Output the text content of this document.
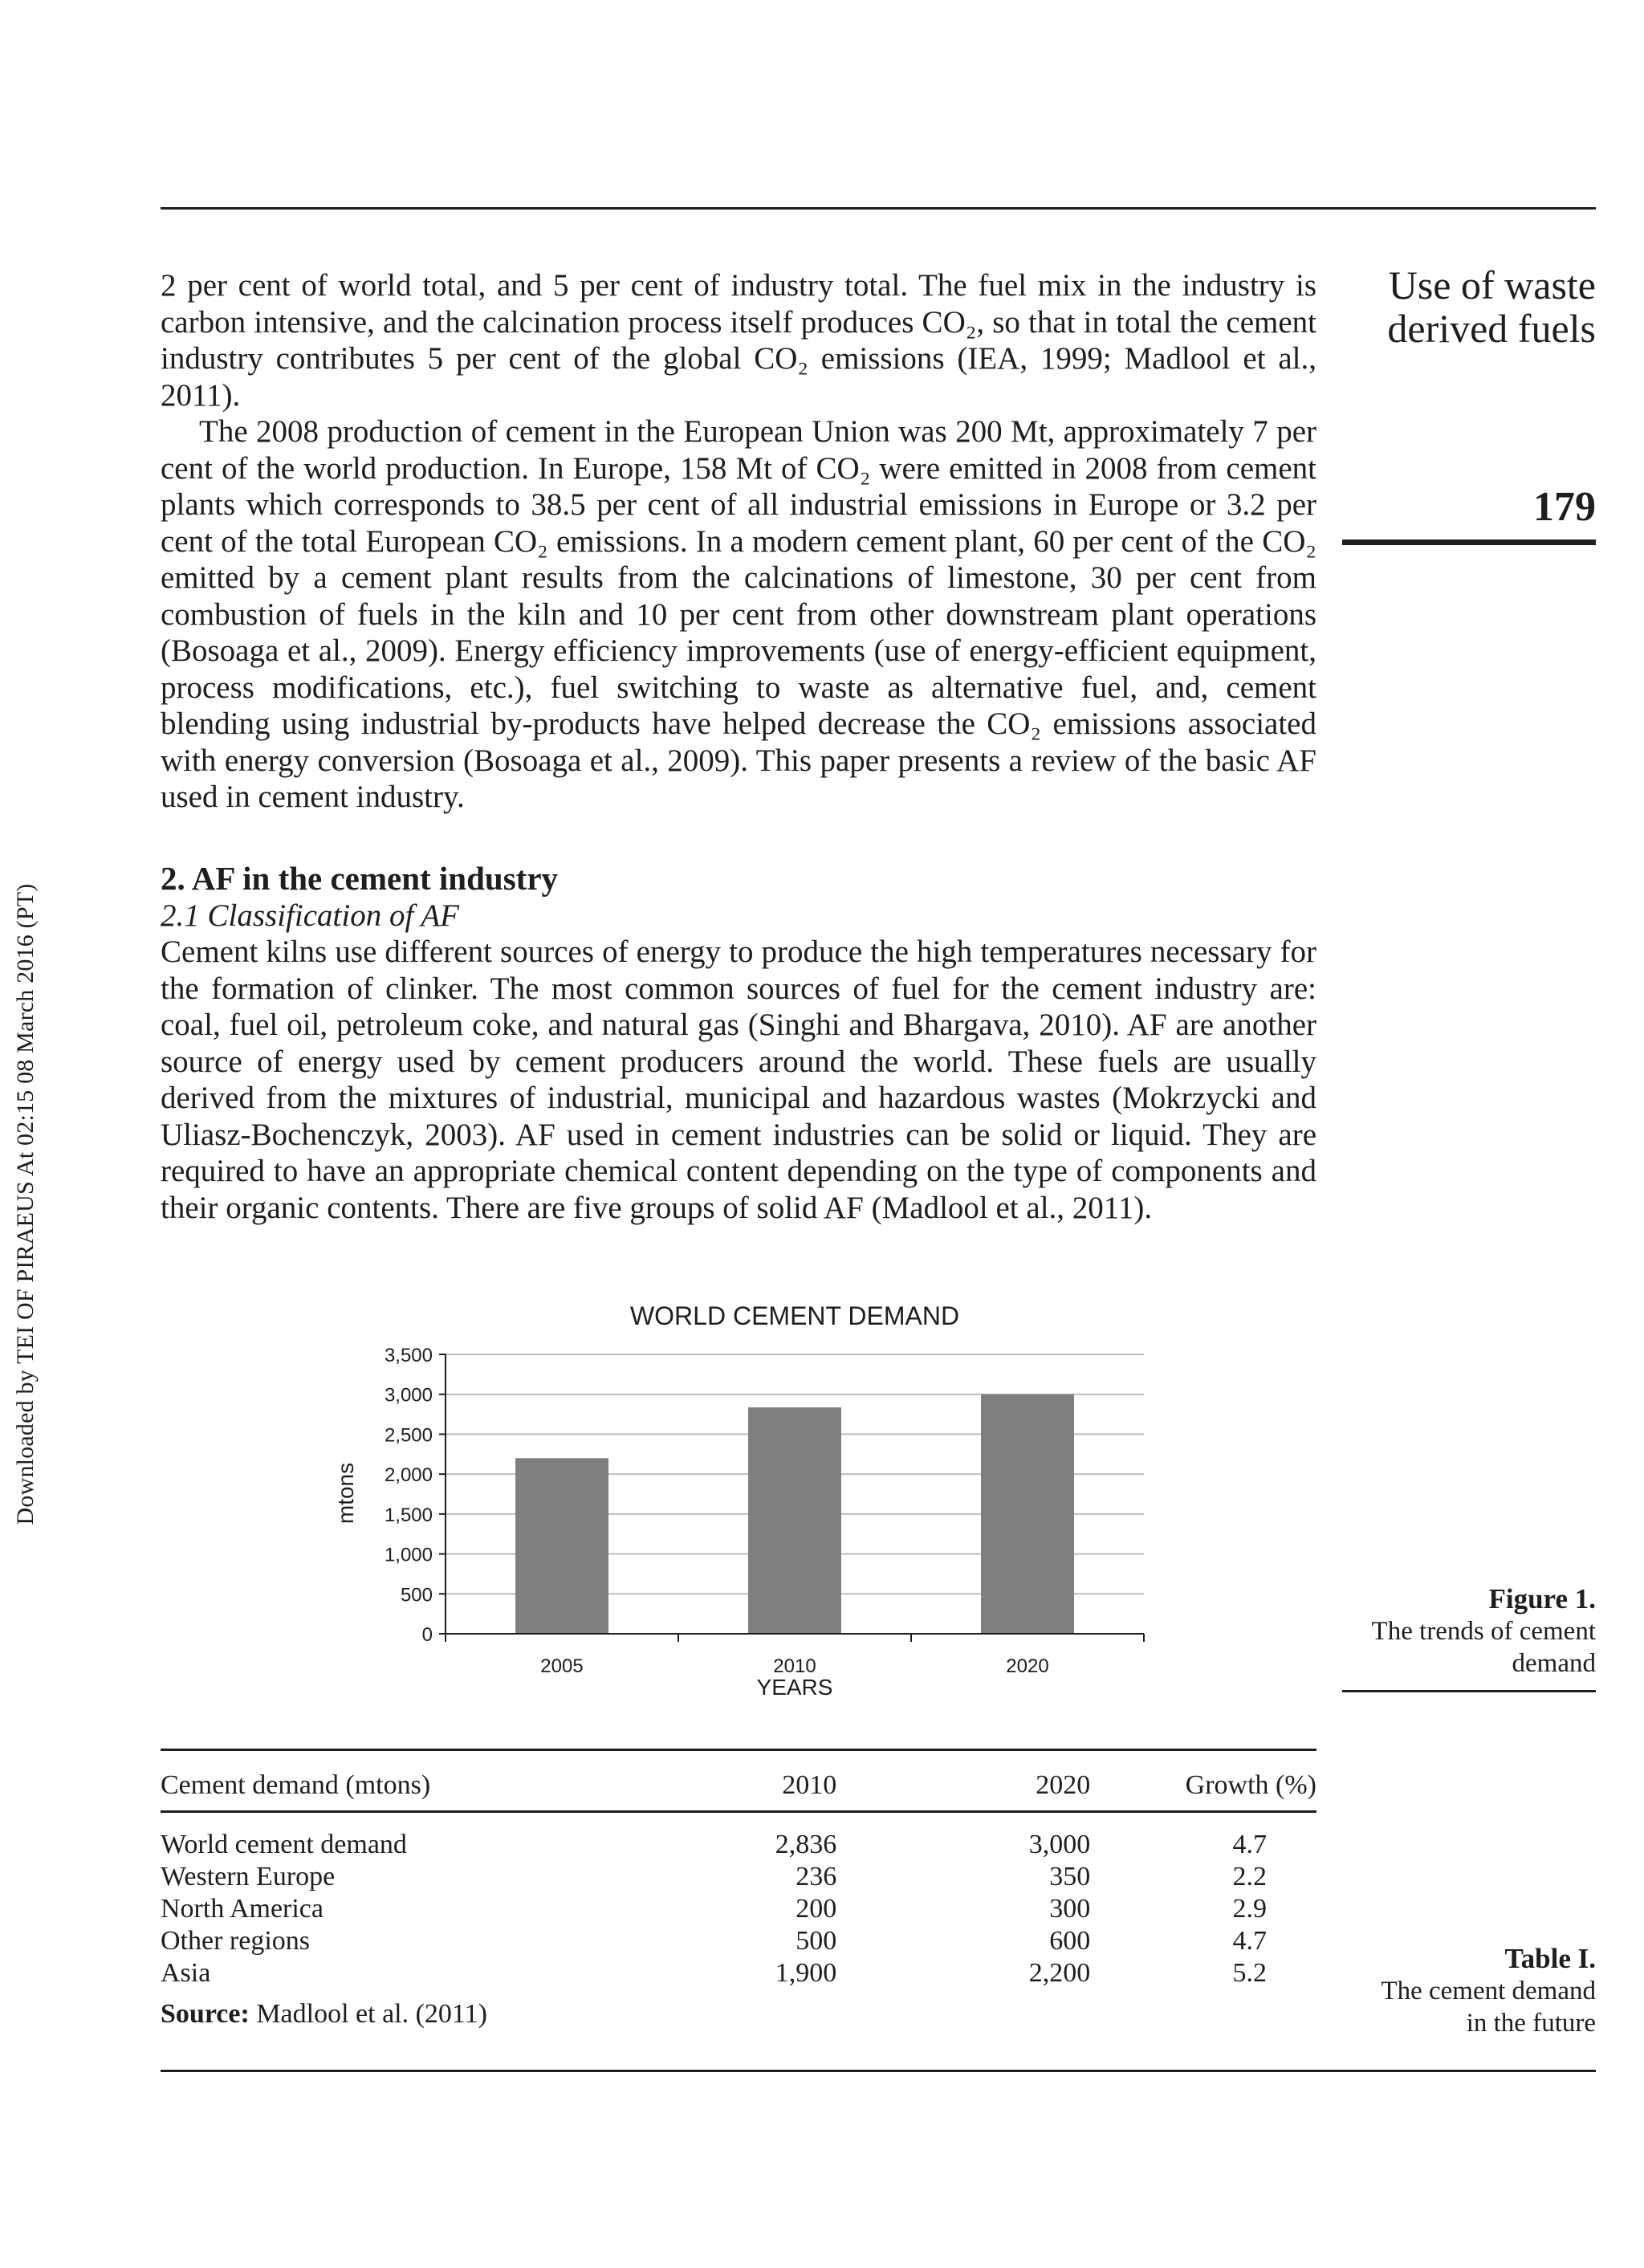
Downloaded by TEI OF PIRAEUS At 02:15 08 March 2016 (PT)
Use of waste derived fuels
179

2 per cent of world total, and 5 per cent of industry total. The fuel mix in the industry is carbon intensive, and the calcination process itself produces CO₂, so that in total the cement industry contributes 5 per cent of the global CO₂ emissions (IEA, 1999; Madlool et al., 2011).

The 2008 production of cement in the European Union was 200 Mt, approximately 7 per cent of the world production. In Europe, 158 Mt of CO₂ were emitted in 2008 from cement plants which corresponds to 38.5 per cent of all industrial emissions in Europe or 3.2 per cent of the total European CO₂ emissions. In a modern cement plant, 60 per cent of the CO₂ emitted by a cement plant results from the calcinations of limestone, 30 per cent from combustion of fuels in the kiln and 10 per cent from other downstream plant operations (Bosoaga et al., 2009). Energy efficiency improvements (use of energy-efficient equipment, process modifications, etc.), fuel switching to waste as alternative fuel, and, cement blending using industrial by-products have helped decrease the CO₂ emissions associated with energy conversion (Bosoaga et al., 2009). This paper presents a review of the basic AF used in cement industry.

2. AF in the cement industry

2.1 Classification of AF

Cement kilns use different sources of energy to produce the high temperatures necessary for the formation of clinker. The most common sources of fuel for the cement industry are: coal, fuel oil, petroleum coke, and natural gas (Singhi and Bhargava, 2010). AF are another source of energy used by cement producers around the world. These fuels are usually derived from the mixtures of industrial, municipal and hazardous wastes (Mokrzycki and Uliasz-Bochenczyk, 2003). AF used in cement industries can be solid or liquid. They are required to have an appropriate chemical content depending on the type of components and their organic contents. There are five groups of solid AF (Madlool et al., 2011).

WORLD CEMENT DEMAND
mtons
YEARS
0
500
1,000
1,500
2,000
2,500
3,000
3,500
2005	2010	2020
Figure 1.
The trends of cement demand
Cement demand (mtons)	2010	2020	Growth (%)
World cement demand	2,836	3,000	4.7
Western Europe	236	350	2.2
North America	200	300	2.9
Other regions	500	600	4.7
Asia	1,900	2,200	5.2
Source: Madlool et al. (2011)
Table I.
The cement demand in the future
